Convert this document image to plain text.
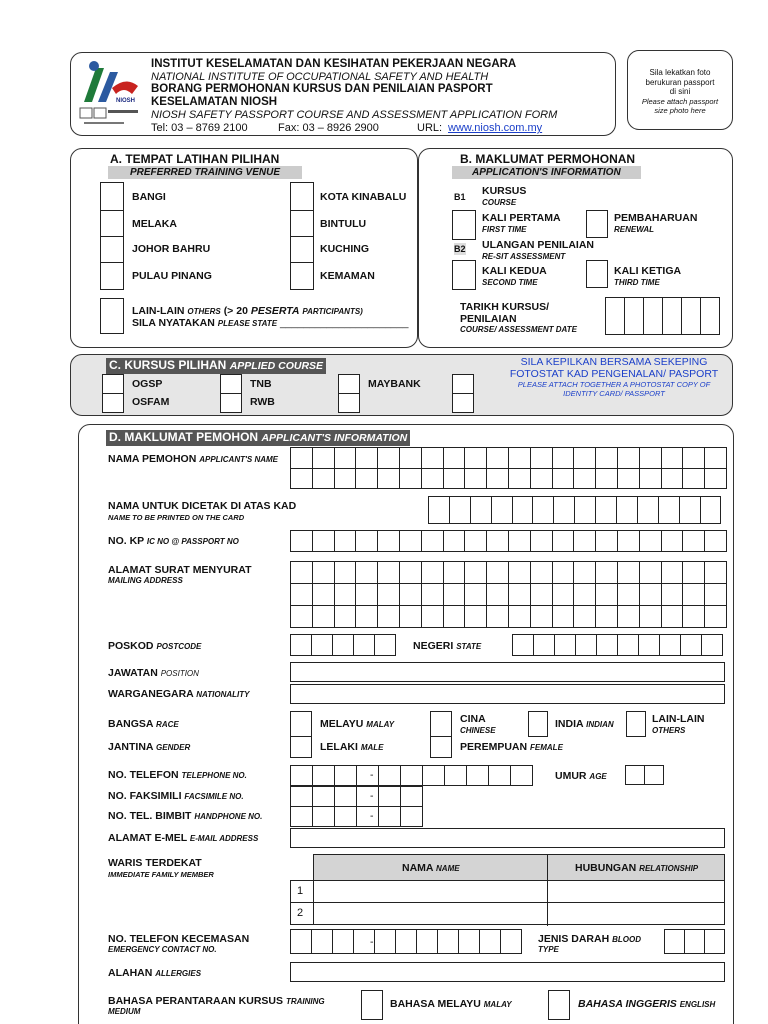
NIOSH
INSTITUT KESELAMATAN DAN KESIHATAN PEKERJAAN NEGARA
NATIONAL INSTITUTE OF OCCUPATIONAL SAFETY AND HEALTH
BORANG PERMOHONAN KURSUS DAN PENILAIAN PASPORT
KESELAMATAN NIOSH
NIOSH SAFETY PASSPORT COURSE AND ASSESSMENT APPLICATION FORM
Tel: 03 – 8769 2100	Fax: 03 – 8926 2900	URL: www.niosh.com.my
Sila lekatkan foto
berukuran passport
di sini
Please attach passport
size photo here
A. TEMPAT LATIHAN PILIHAN
PREFERRED TRAINING VENUE
BANGI
MELAKA
JOHOR BAHRU
PULAU PINANG
KOTA KINABALU
BINTULU
KUCHING
KEMAMAN
LAIN-LAIN OTHERS (> 20 PESERTA PARTICIPANTS)
SILA NYATAKAN PLEASE STATE ______________________
B. MAKLUMAT PERMOHONAN
APPLICATION'S INFORMATION
B1 KURSUS
COURSE
KALI PERTAMA
FIRST TIME
PEMBAHARUAN
RENEWAL
B2 ULANGAN PENILAIAN
RE-SIT ASSESSMENT
KALI KEDUA
SECOND TIME
KALI KETIGA
THIRD TIME
TARIKH KURSUS/
PENILAIAN
COURSE/ ASSESSMENT DATE
C. KURSUS PILIHAN APPLIED COURSE
OGSP
OSFAM
TNB
RWB
MAYBANK
SILA KEPILKAN BERSAMA SEKEPING
FOTOSTAT KAD PENGENALAN/ PASPORT
PLEASE ATTACH TOGETHER A PHOTOSTAT COPY OF
IDENTITY CARD/ PASSPORT
D. MAKLUMAT PEMOHON APPLICANT'S INFORMATION
NAMA PEMOHON APPLICANT'S NAME
NAMA UNTUK DICETAK DI ATAS KAD
NAME TO BE PRINTED ON THE CARD
NO. KP IC NO @ PASSPORT NO
ALAMAT SURAT MENYURAT
MAILING ADDRESS
POSKOD POSTCODE	NEGERI STATE
JAWATAN POSITION
WARGANEGARA NATIONALITY
BANGSA RACE	MELAYU MALAY	CINA
CHINESE
INDIA INDIAN	LAIN-LAIN
OTHERS
JANTINA GENDER	LELAKI MALE	PEREMPUAN FEMALE
NO. TELEFON TELEPHONE NO.
NO. FAKSIMILI FACSIMILE NO.
NO. TEL. BIMBIT HANDPHONE NO.
-
-
-
UMUR AGE
ALAMAT E-MEL E-MAIL ADDRESS
WARIS TERDEKAT
IMMEDIATE FAMILY MEMBER
NAMA NAME	HUBUNGAN RELATIONSHIP
1
2
NO. TELEFON KECEMASAN
EMERGENCY CONTACT NO.
-	JENIS DARAH BLOOD
TYPE
ALAHAN ALLERGIES
BAHASA PERANTARAAN KURSUS TRAINING
MEDIUM
BAHASA MELAYU MALAY	BAHASA INGGERIS ENGLISH
